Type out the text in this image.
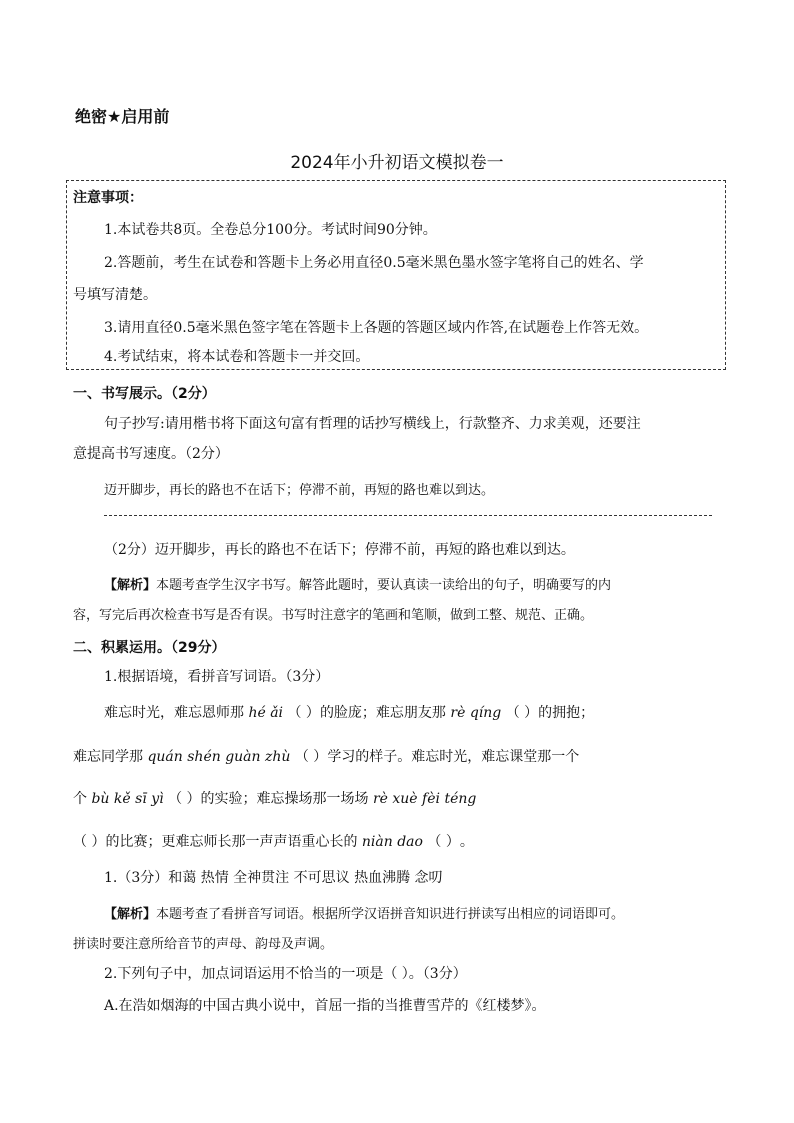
绝密★启用前
2024年小升初语文模拟卷一
注意事项：
1.本试卷共8页。全卷总分100分。考试时间90分钟。
2.答题前，考生在试卷和答题卡上务必用直径0.5毫米黑色墨水签字笔将自己的姓名、学
号填写清楚。
3.请用直径0.5毫米黑色签字笔在答题卡上各题的答题区域内作答,在试题卷上作答无效。
4.考试结束，将本试卷和答题卡一并交回。
一、书写展示。（2分）
句子抄写:请用楷书将下面这句富有哲理的话抄写横线上，行款整齐、力求美观，还要注
意提高书写速度。（2分）
迈开脚步，再长的路也不在话下；停滞不前，再短的路也难以到达。
（2分）迈开脚步，再长的路也不在话下；停滞不前，再短的路也难以到达。
【解析】本题考查学生汉字书写。解答此题时，要认真读一读给出的句子，明确要写的内
容，写完后再次检查书写是否有误。书写时注意字的笔画和笔顺，做到工整、规范、正确。
二、积累运用。（29分）
1.根据语境，看拼音写词语。（3分）
难忘时光，难忘恩师那 hé ǎi （ ）的脸庞；难忘朋友那 rè qíng （ ）的拥抱；
难忘同学那 quán shén guàn zhù （ ）学习的样子。难忘时光，难忘课堂那一个
个 bù kě sī yì （ ）的实验；难忘操场那一场场 rè xuè fèi téng
（ ）的比赛；更难忘师长那一声声语重心长的 niàn dao （ ）。
1.（3分）和蔼 热情 全神贯注 不可思议 热血沸腾 念叨
【解析】本题考查了看拼音写词语。根据所学汉语拼音知识进行拼读写出相应的词语即可。
拼读时要注意所给音节的声母、韵母及声调。
2.下列句子中，加点词语运用不恰当的一项是（ ）。（3分）
A.在浩如烟海的中国古典小说中，首屈一指的当推曹雪芹的《红楼梦》。
